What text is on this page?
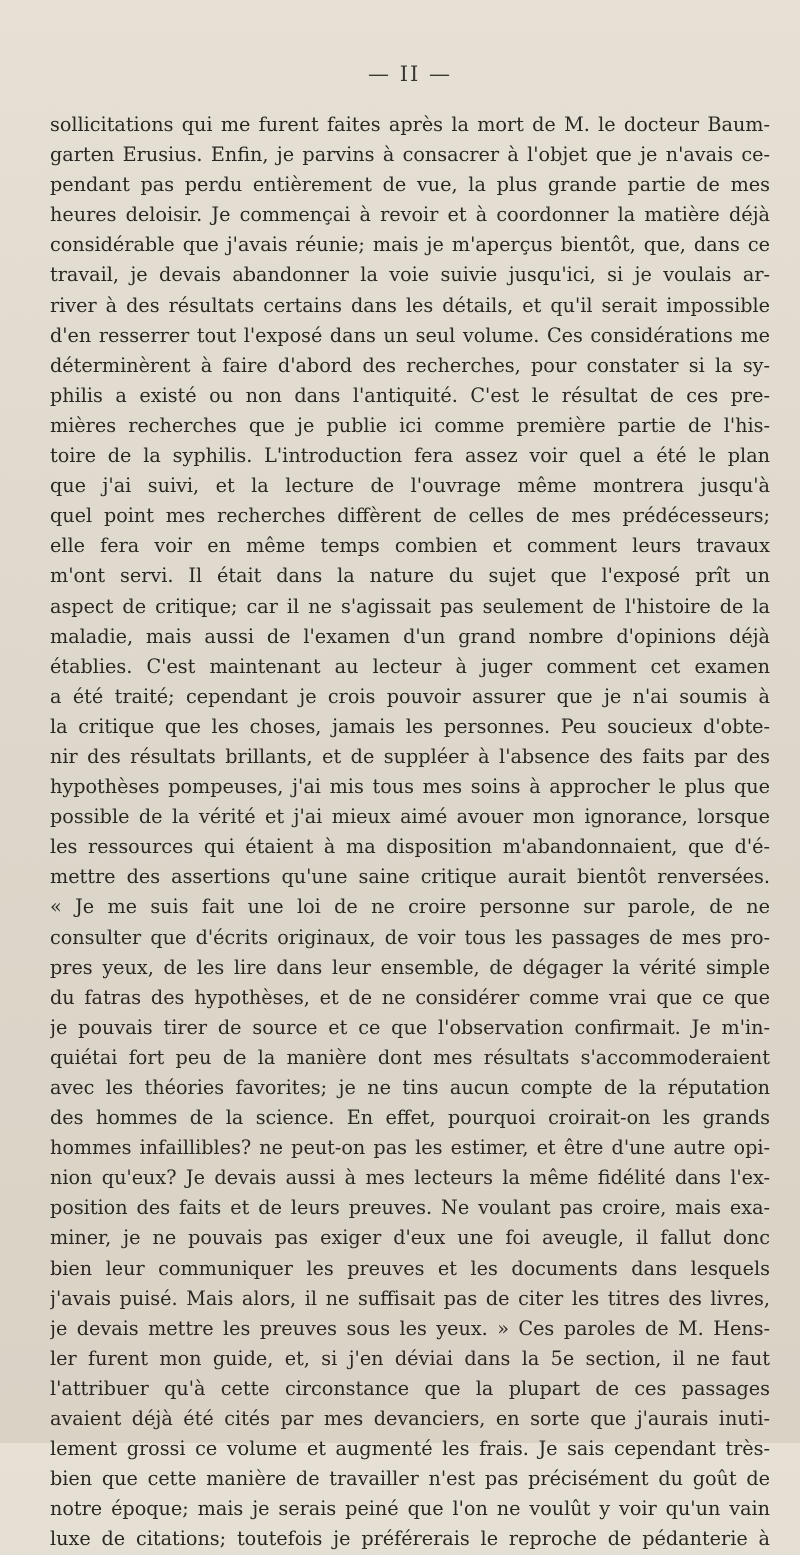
— II —
sollicitations qui me furent faites après la mort de M. le docteur Baum-
garten Erusius. Enfin, je parvins à consacrer à l'objet que je n'avais ce-
pendant pas perdu entièrement de vue, la plus grande partie de mes
heures deloisir. Je commençai à revoir et à coordonner la matière déjà
considérable que j'avais réunie; mais je m'aperçus bientôt, que, dans ce
travail, je devais abandonner la voie suivie jusqu'ici, si je voulais ar-
river à des résultats certains dans les détails, et qu'il serait impossible
d'en resserrer tout l'exposé dans un seul volume. Ces considérations me
déterminèrent à faire d'abord des recherches, pour constater si la sy-
philis a existé ou non dans l'antiquité. C'est le résultat de ces pre-
mières recherches que je publie ici comme première partie de l'his-
toire de la syphilis. L'introduction fera assez voir quel a été le plan
que j'ai suivi, et la lecture de l'ouvrage même montrera jusqu'à
quel point mes recherches diffèrent de celles de mes prédécesseurs;
elle fera voir en même temps combien et comment leurs travaux
m'ont servi. Il était dans la nature du sujet que l'exposé prît un
aspect de critique; car il ne s'agissait pas seulement de l'histoire de la
maladie, mais aussi de l'examen d'un grand nombre d'opinions déjà
établies. C'est maintenant au lecteur à juger comment cet examen
a été traité; cependant je crois pouvoir assurer que je n'ai soumis à
la critique que les choses, jamais les personnes. Peu soucieux d'obte-
nir des résultats brillants, et de suppléer à l'absence des faits par des
hypothèses pompeuses, j'ai mis tous mes soins à approcher le plus que
possible de la vérité et j'ai mieux aimé avouer mon ignorance, lorsque
les ressources qui étaient à ma disposition m'abandonnaient, que d'é-
mettre des assertions qu'une saine critique aurait bientôt renversées.
« Je me suis fait une loi de ne croire personne sur parole, de ne
consulter que d'écrits originaux, de voir tous les passages de mes pro-
pres yeux, de les lire dans leur ensemble, de dégager la vérité simple
du fatras des hypothèses, et de ne considérer comme vrai que ce que
je pouvais tirer de source et ce que l'observation confirmait. Je m'in-
quiétai fort peu de la manière dont mes résultats s'accommoderaient
avec les théories favorites; je ne tins aucun compte de la réputation
des hommes de la science. En effet, pourquoi croirait-on les grands
hommes infaillibles? ne peut-on pas les estimer, et être d'une autre opi-
nion qu'eux? Je devais aussi à mes lecteurs la même fidélité dans l'ex-
position des faits et de leurs preuves. Ne voulant pas croire, mais exa-
miner, je ne pouvais pas exiger d'eux une foi aveugle, il fallut donc
bien leur communiquer les preuves et les documents dans lesquels
j'avais puisé. Mais alors, il ne suffisait pas de citer les titres des livres,
je devais mettre les preuves sous les yeux. » Ces paroles de M. Hens-
ler furent mon guide, et, si j'en déviai dans la 5e section, il ne faut
l'attribuer qu'à cette circonstance que la plupart de ces passages
avaient déjà été cités par mes devanciers, en sorte que j'aurais inuti-
lement grossi ce volume et augmenté les frais. Je sais cependant très-
bien que cette manière de travailler n'est pas précisément du goût de
notre époque; mais je serais peiné que l'on ne voulût y voir qu'un vain
luxe de citations; toutefois je préférerais le reproche de pédanterie à
